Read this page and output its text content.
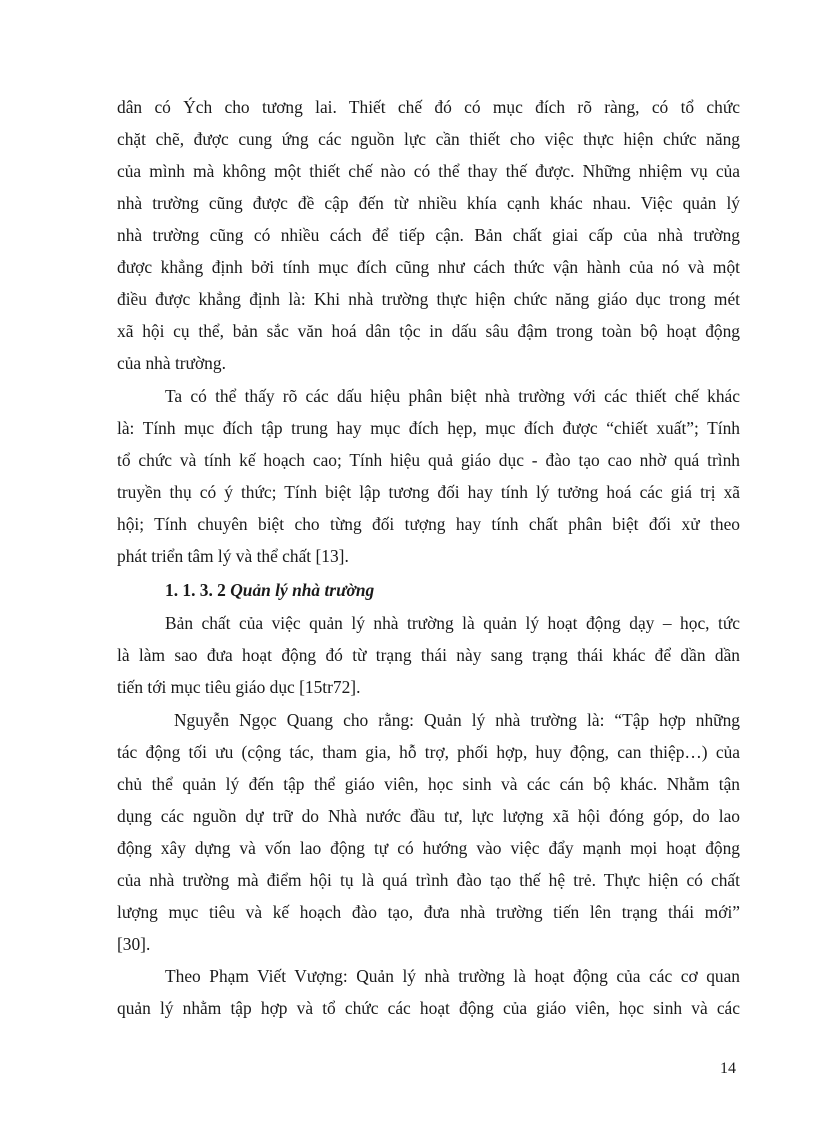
dân có Ých cho tương lai. Thiết chế đó có mục đích rõ ràng, có tổ chức
chặt chẽ, được cung ứng các nguồn lực cần thiết cho việc thực hiện chức năng
của mình mà không một thiết chế nào có thể thay thế được. Những nhiệm vụ của
nhà trường cũng được đề cập đến từ nhiều khía cạnh khác nhau. Việc quản lý
nhà trường cũng có nhiều cách để tiếp cận. Bản chất giai cấp của nhà trường
được khẳng định bởi tính mục đích cũng như cách thức vận hành của nó và một
điều được khẳng định là: Khi nhà trường thực hiện chức năng giáo dục trong mét
xã hội cụ thể, bản sắc văn hoá dân tộc in dấu sâu đậm trong toàn bộ hoạt động
của nhà trường.
Ta có thể thấy rõ các dấu hiệu phân biệt nhà trường với các thiết chế khác
là: Tính mục đích tập trung hay mục đích hẹp, mục đích được “chiết xuất”; Tính
tổ chức và tính kế hoạch cao; Tính hiệu quả giáo dục - đào tạo cao nhờ quá trình
truyền thụ có ý thức; Tính biệt lập tương đối hay tính lý tưởng hoá các giá trị xã
hội; Tính chuyên biệt cho từng đối tượng hay tính chất phân biệt đối xử theo
phát triển tâm lý và thể chất [13].
1. 1. 3. 2 Quản lý nhà trường
Bản chất của việc quản lý nhà trường là quản lý hoạt động dạy – học, tức
là làm sao đưa hoạt động đó từ trạng thái này sang trạng thái khác để dần dần
tiến tới mục tiêu giáo dục [15tr72].
Nguyễn Ngọc Quang cho rằng: Quản lý nhà trường là: “Tập hợp những
tác động tối ưu (cộng tác, tham gia, hỗ trợ, phối hợp, huy động, can thiệp…) của
chủ thể quản lý đến tập thể giáo viên, học sinh và các cán bộ khác. Nhằm tận
dụng các nguồn dự trữ do Nhà nước đầu tư, lực lượng xã hội đóng góp, do lao
động xây dựng và vốn lao động tự có hướng vào việc đẩy mạnh mọi hoạt động
của nhà trường mà điểm hội tụ là quá trình đào tạo thế hệ trẻ. Thực hiện có chất
lượng mục tiêu và kế hoạch đào tạo, đưa nhà trường tiến lên trạng thái mới”
[30].
Theo Phạm Viết Vượng: Quản lý nhà trường là hoạt động của các cơ quan
quản lý nhằm tập hợp và tổ chức các hoạt động của giáo viên, học sinh và các
14
